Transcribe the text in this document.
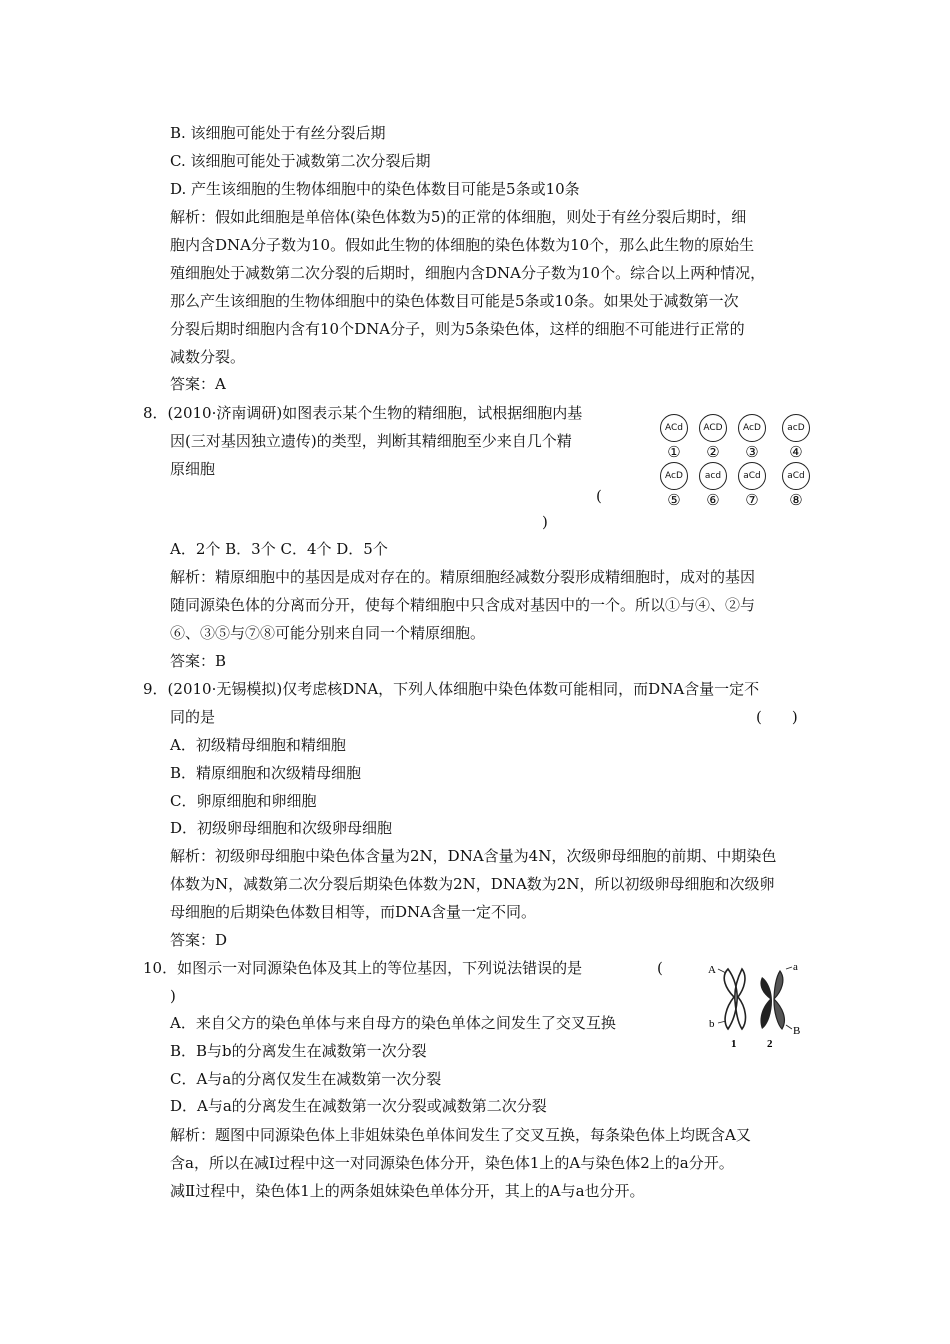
B. 该细胞可能处于有丝分裂后期
C. 该细胞可能处于减数第二次分裂后期
D. 产生该细胞的生物体细胞中的染色体数目可能是5条或10条
解析：假如此细胞是单倍体(染色体数为5)的正常的体细胞，则处于有丝分裂后期时，细
胞内含DNA分子数为10。假如此生物的体细胞的染色体数为10个，那么此生物的原始生
殖细胞处于减数第二次分裂的后期时，细胞内含DNA分子数为10个。综合以上两种情况，
那么产生该细胞的生物体细胞中的染色体数目可能是5条或10条。如果处于减数第一次
分裂后期时细胞内含有10个DNA分子，则为5条染色体，这样的细胞不可能进行正常的
减数分裂。
答案：A
8．(2010·济南调研)如图表示某个生物的精细胞，试根据细胞内基
因(三对基因独立遗传)的类型，判断其精细胞至少来自几个精
原细胞
(
)
ACd	ACD	AcD	acD
①	②	③	④
AcD	acd	aCd	aCd
⑤	⑥	⑦	⑧
A．2个 B．3个 C．4个 D．5个
解析：精原细胞中的基因是成对存在的。精原细胞经减数分裂形成精细胞时，成对的基因
随同源染色体的分离而分开，使每个精细胞中只含成对基因中的一个。所以①与④、②与
⑥、③⑤与⑦⑧可能分别来自同一个精原细胞。
答案：B
9．(2010·无锡模拟)仅考虑核DNA，下列人体细胞中染色体数可能相同，而DNA含量一定不
同的是	(　　)
A．初级精母细胞和精细胞
B．精原细胞和次级精母细胞
C．卵原细胞和卵细胞
D．初级卵母细胞和次级卵母细胞
解析：初级卵母细胞中染色体含量为2N，DNA含量为4N，次级卵母细胞的前期、中期染色
体数为N，减数第二次分裂后期染色体数为2N，DNA数为2N，所以初级卵母细胞和次级卵
母细胞的后期染色体数目相等，而DNA含量一定不同。
答案：D
10．如图示一对同源染色体及其上的等位基因，下列说法错误的是	(
)
A．来自父方的染色单体与来自母方的染色单体之间发生了交叉互换
B．B与b的分离发生在减数第一次分裂
C．A与a的分离仅发生在减数第一次分裂
D．A与a的分离发生在减数第一次分裂或减数第二次分裂
解析：题图中同源染色体上非姐妹染色单体间发生了交叉互换，每条染色体上均既含A又
含a，所以在减Ⅰ过程中这一对同源染色体分开，染色体1上的A与染色体2上的a分开。
减Ⅱ过程中，染色体1上的两条姐妹染色单体分开，其上的A与a也分开。
A	a
b
B
1	2
